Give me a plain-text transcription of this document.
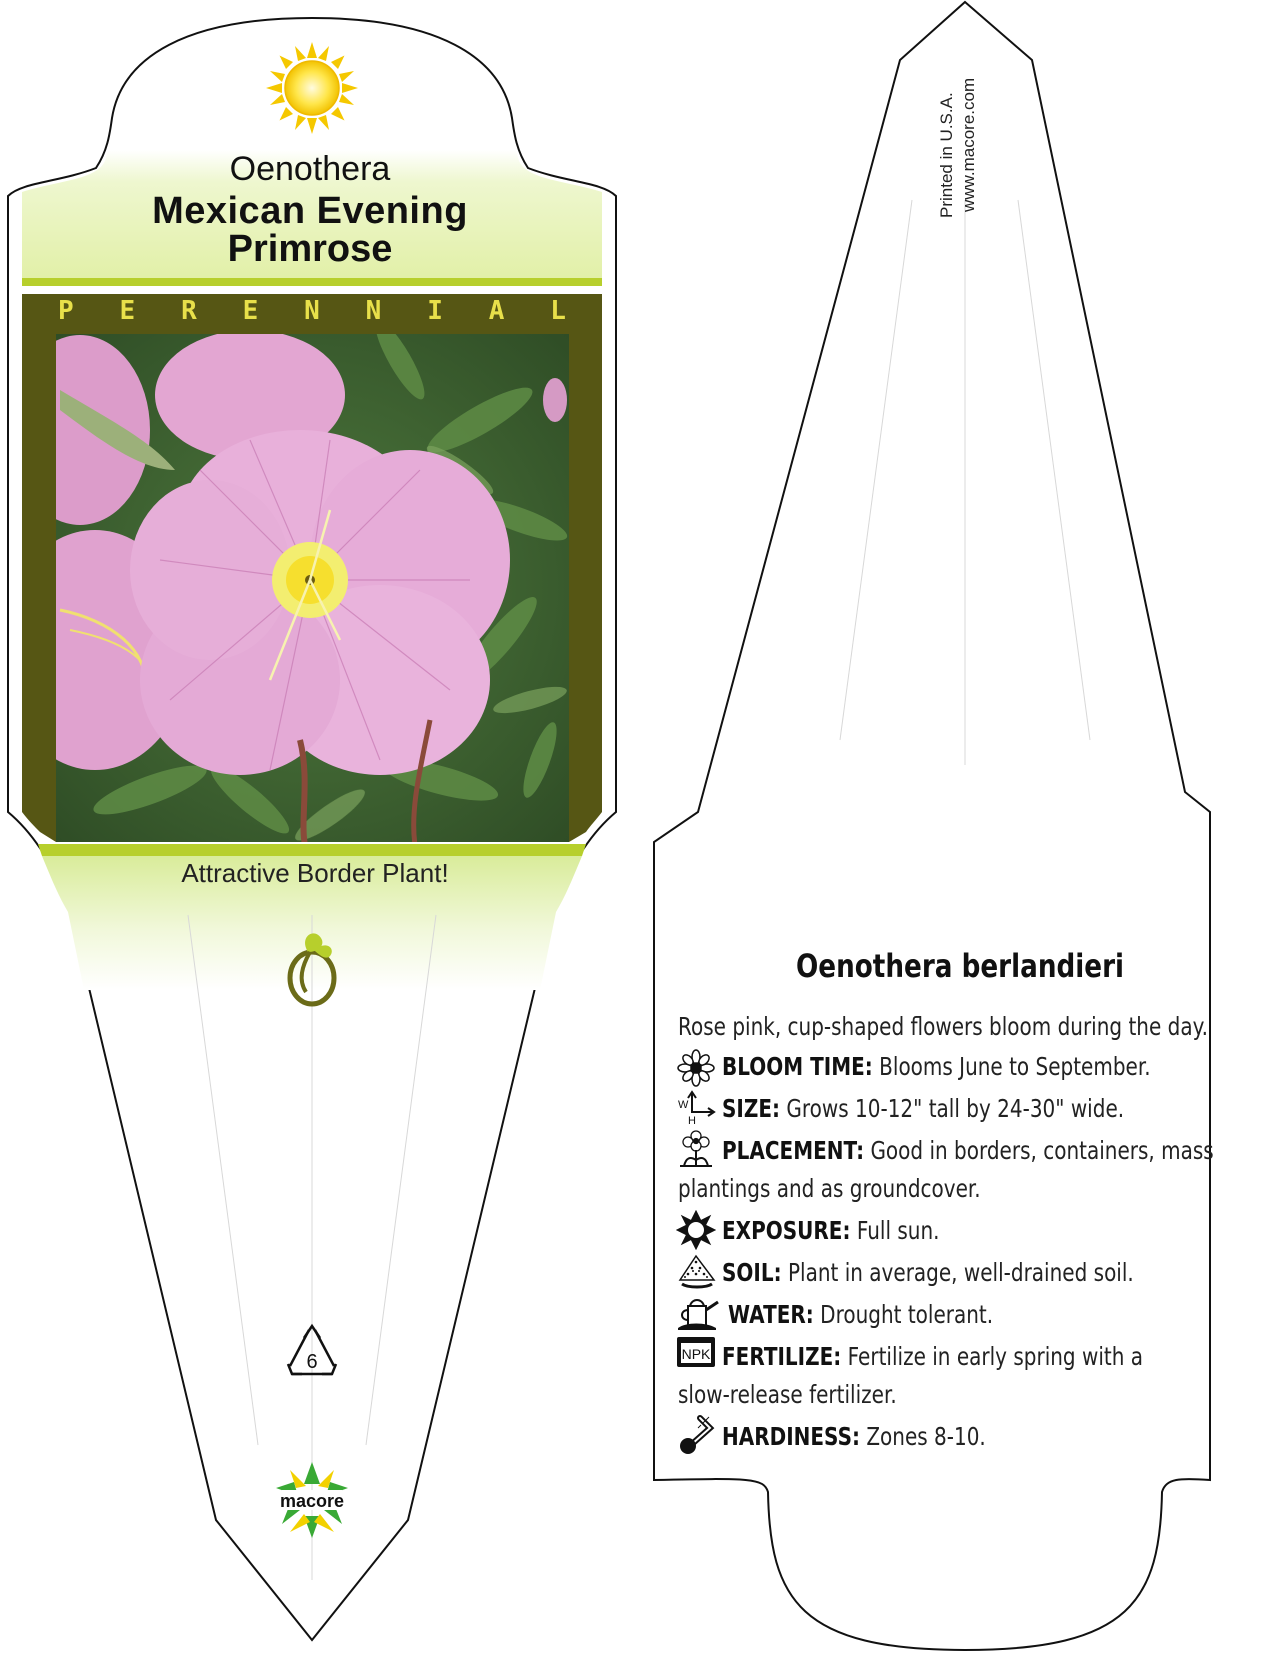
6
macore
Oenothera
Mexican Evening
Primrose
P E R E N N I A L
Attractive Border Plant!
Printed in U.S.A. www.macore.com
Oenothera berlandieri
Rose pink, cup-shaped flowers bloom during the day.
BLOOM TIME: Blooms June to September.
SIZE: Grows 10-12" tall by 24-30" wide.
PLACEMENT: Good in borders, containers, mass
plantings and as groundcover.
EXPOSURE: Full sun.
SOIL: Plant in average, well-drained soil.
WATER: Drought tolerant.
FERTILIZE: Fertilize in early spring with a
slow-release fertilizer.
HARDINESS: Zones 8-10.
W
H
NPK
